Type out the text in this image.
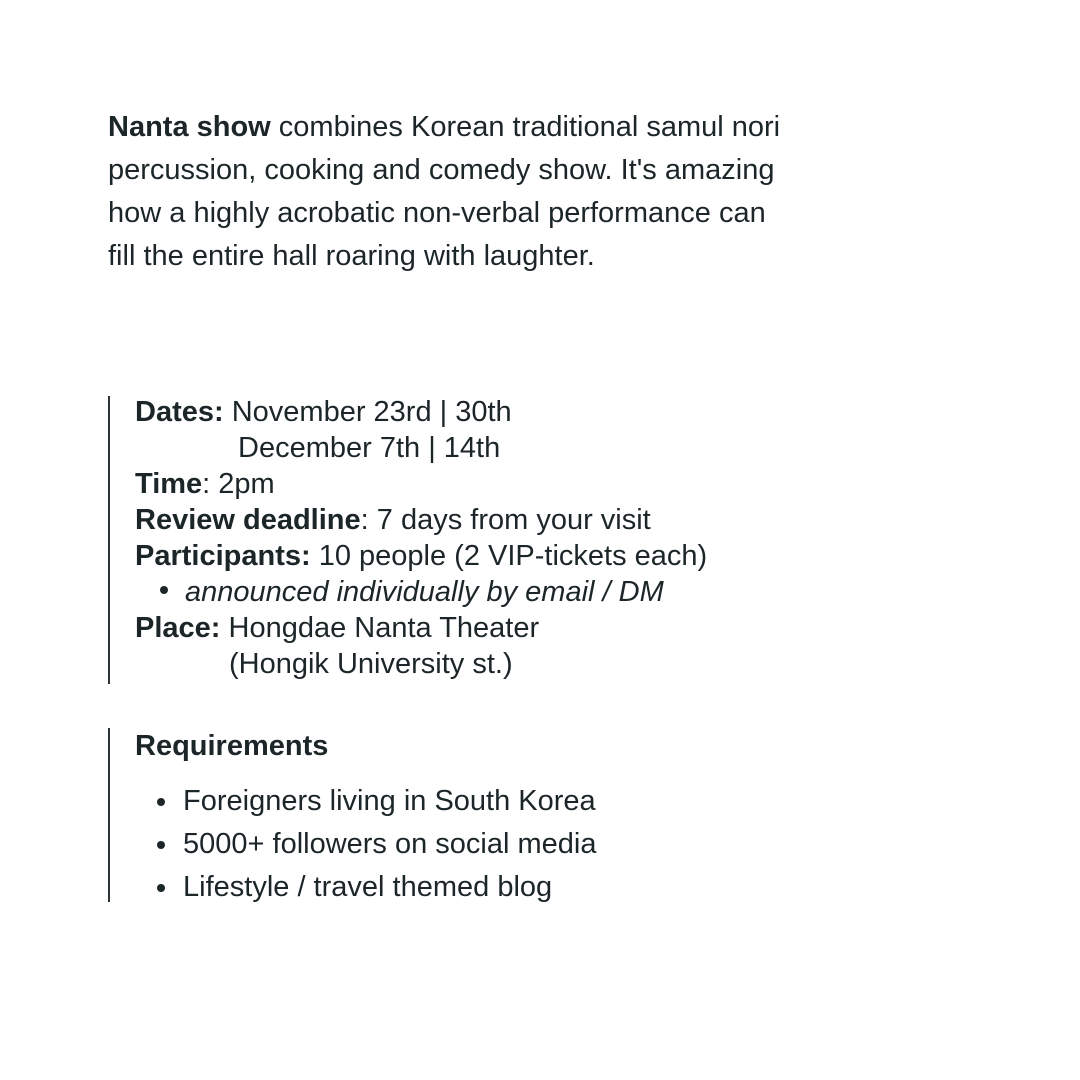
Nanta show combines Korean traditional samul nori percussion, cooking and comedy show. It's amazing how a highly acrobatic non-verbal performance can fill the entire hall roaring with laughter.

Dates: November 23rd | 30th
December 7th | 14th
Time: 2pm
Review deadline: 7 days from your visit
Participants: 10 people (2 VIP-tickets each)
announced individually by email / DM
Place: Hongdae Nanta Theater
(Hongik University st.)

Requirements

Foreigners living in South Korea
5000+ followers on social media
Lifestyle / travel themed blog
